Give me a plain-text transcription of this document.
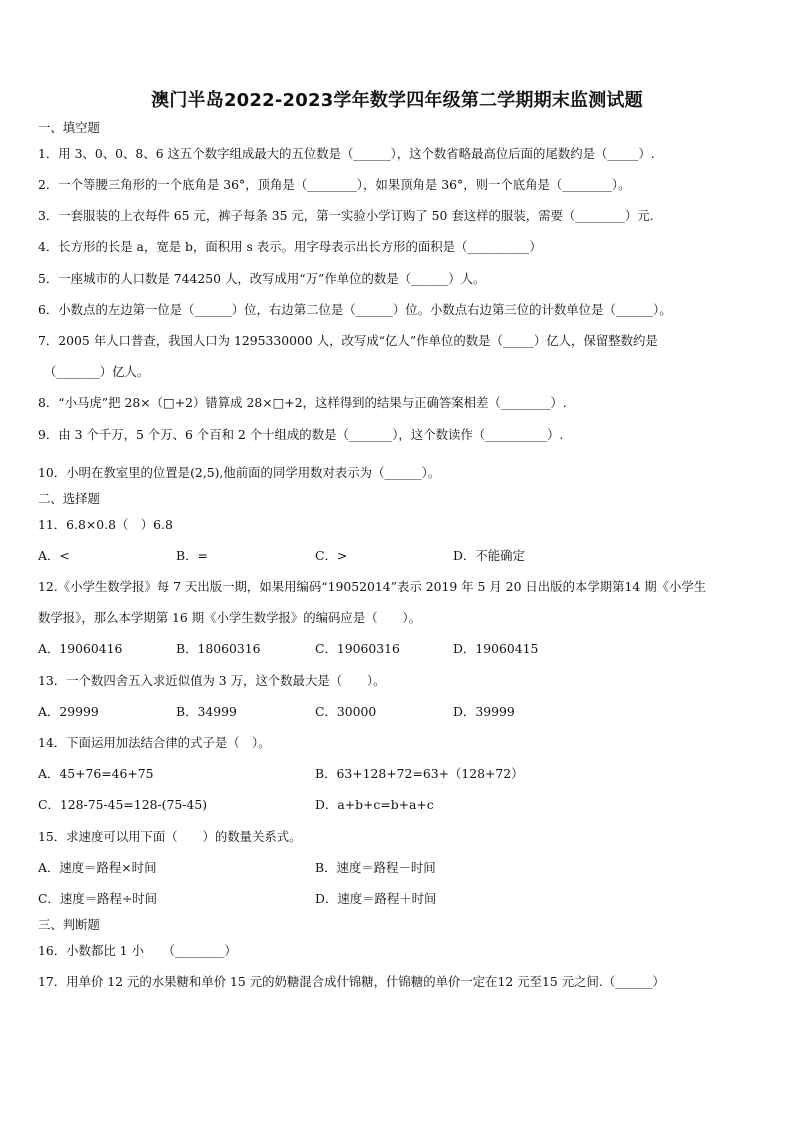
澳门半岛2022-2023学年数学四年级第二学期期末监测试题
一、填空题
1．用 3、0、0、8、6 这五个数字组成最大的五位数是（______），这个数省略最高位后面的尾数约是（_____）.
2．一个等腰三角形的一个底角是 36°，顶角是（________），如果顶角是 36°，则一个底角是（________）。
3．一套服装的上衣每件 65 元，裤子每条 35 元，第一实验小学订购了 50 套这样的服装，需要（________）元.
4．长方形的长是 a，宽是 b，面积用 s 表示。用字母表示出长方形的面积是（__________）
5．一座城市的人口数是 744250 人，改写成用“万”作单位的数是（______）人。
6．小数点的左边第一位是（______）位，右边第二位是（______）位。小数点右边第三位的计数单位是（______）。
7．2005 年人口普查，我国人口为 1295330000 人，改写成“亿人”作单位的数是（_____）亿人，保留整数约是
（_______）亿人。
8．“小马虎”把 28×（□+2）错算成 28×□+2，这样得到的结果与正确答案相差（________）.
9．由 3 个千万，5 个万、6 个百和 2 个十组成的数是（_______），这个数读作（__________）.
10．小明在教室里的位置是(2,5),他前面的同学用数对表示为（______）。
二、选择题
11．6.8×0.8（　）6.8
A．<	B．=	C．>	D．不能确定
12.《小学生数学报》每 7 天出版一期，如果用编码“19052014”表示 2019 年 5 月 20 日出版的本学期第14 期《小学生
数学报》，那么本学期第 16 期《小学生数学报》的编码应是（　　）。
A．19060416	B．18060316	C．19060316	D．19060415
13．一个数四舍五入求近似值为 3 万，这个数最大是（　　）。
A．29999	B．34999	C．30000	D．39999
14．下面运用加法结合律的式子是（　）。
A．45+76=46+75	B．63+128+72=63+（128+72）
C．128-75-45=128-(75-45)	D．a+b+c=b+a+c
15．求速度可以用下面（　　）的数量关系式。
A．速度＝路程×时间	B．速度＝路程－时间
C．速度＝路程÷时间	D．速度＝路程＋时间
三、判断题
16．小数都比 1 小　　（________）
17．用单价 12 元的水果糖和单价 15 元的奶糖混合成什锦糖，什锦糖的单价一定在12 元至15 元之间.（______）
